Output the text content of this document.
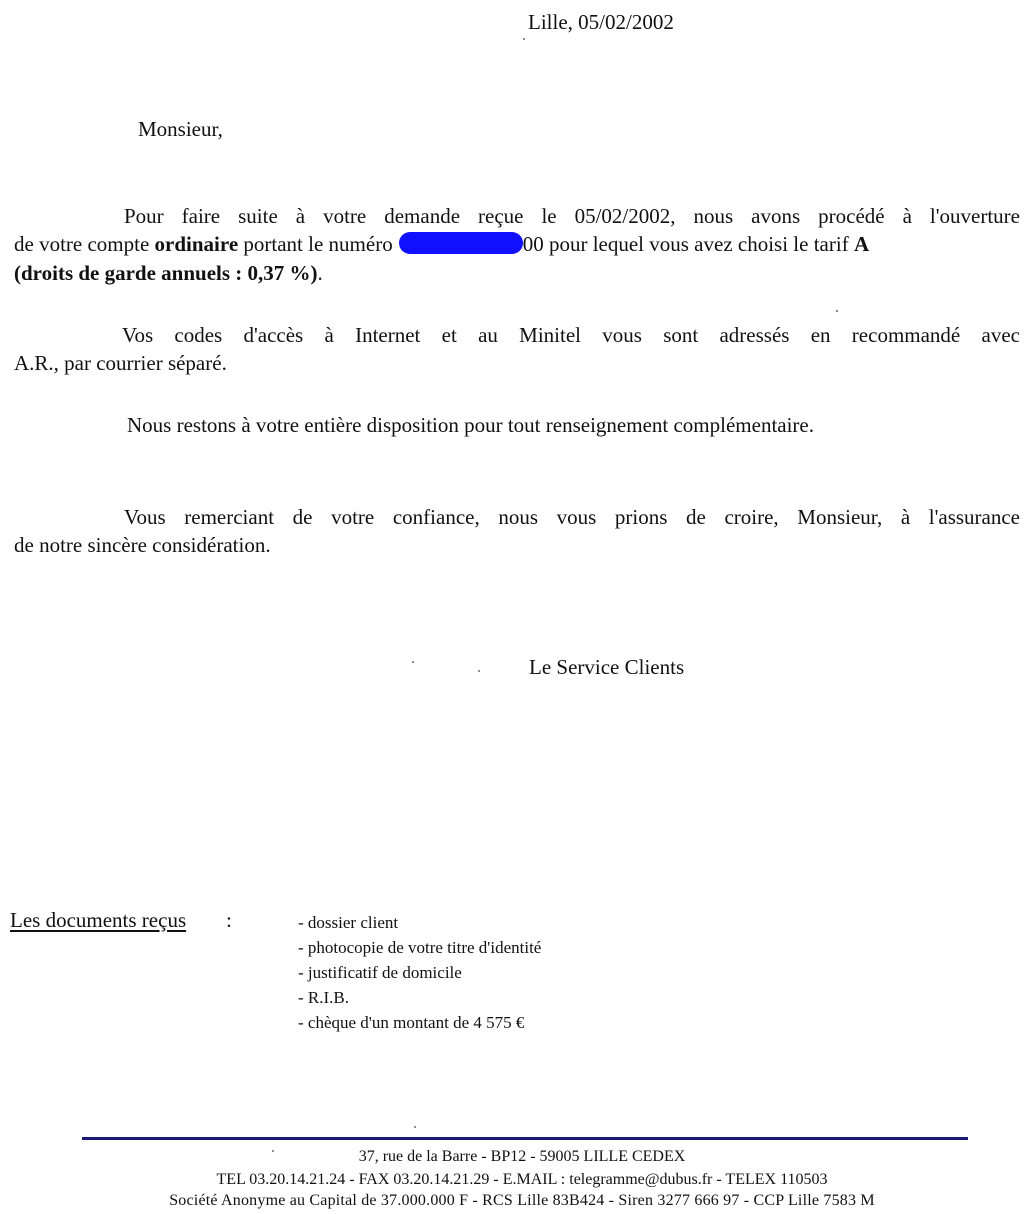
Lille, 05/02/2002
Monsieur,
Pour faire suite à votre demande reçue le 05/02/2002, nous avons procédé à l'ouverture
de votre compte ordinaire portant le numéro	00 pour lequel vous avez choisi le tarif A
(droits de garde annuels : 0,37 %).
Vos codes d'accès à Internet et au Minitel vous sont adressés en recommandé avec
A.R., par courrier séparé.
Nous restons à votre entière disposition pour tout renseignement complémentaire.
Vous remerciant de votre confiance, nous vous prions de croire, Monsieur, à l'assurance
de notre sincère considération.
Le Service Clients
Les documents reçus :	- dossier client
- photocopie de votre titre d'identité
- justificatif de domicile
- R.I.B.
- chèque d'un montant de 4 575 €
37, rue de la Barre - BP12 - 59005 LILLE CEDEX
TEL 03.20.14.21.24 - FAX 03.20.14.21.29 - E.MAIL : telegramme@dubus.fr - TELEX 110503
Société Anonyme au Capital de 37.000.000 F - RCS Lille 83B424 - Siren 3277 666 97 - CCP Lille 7583 M
